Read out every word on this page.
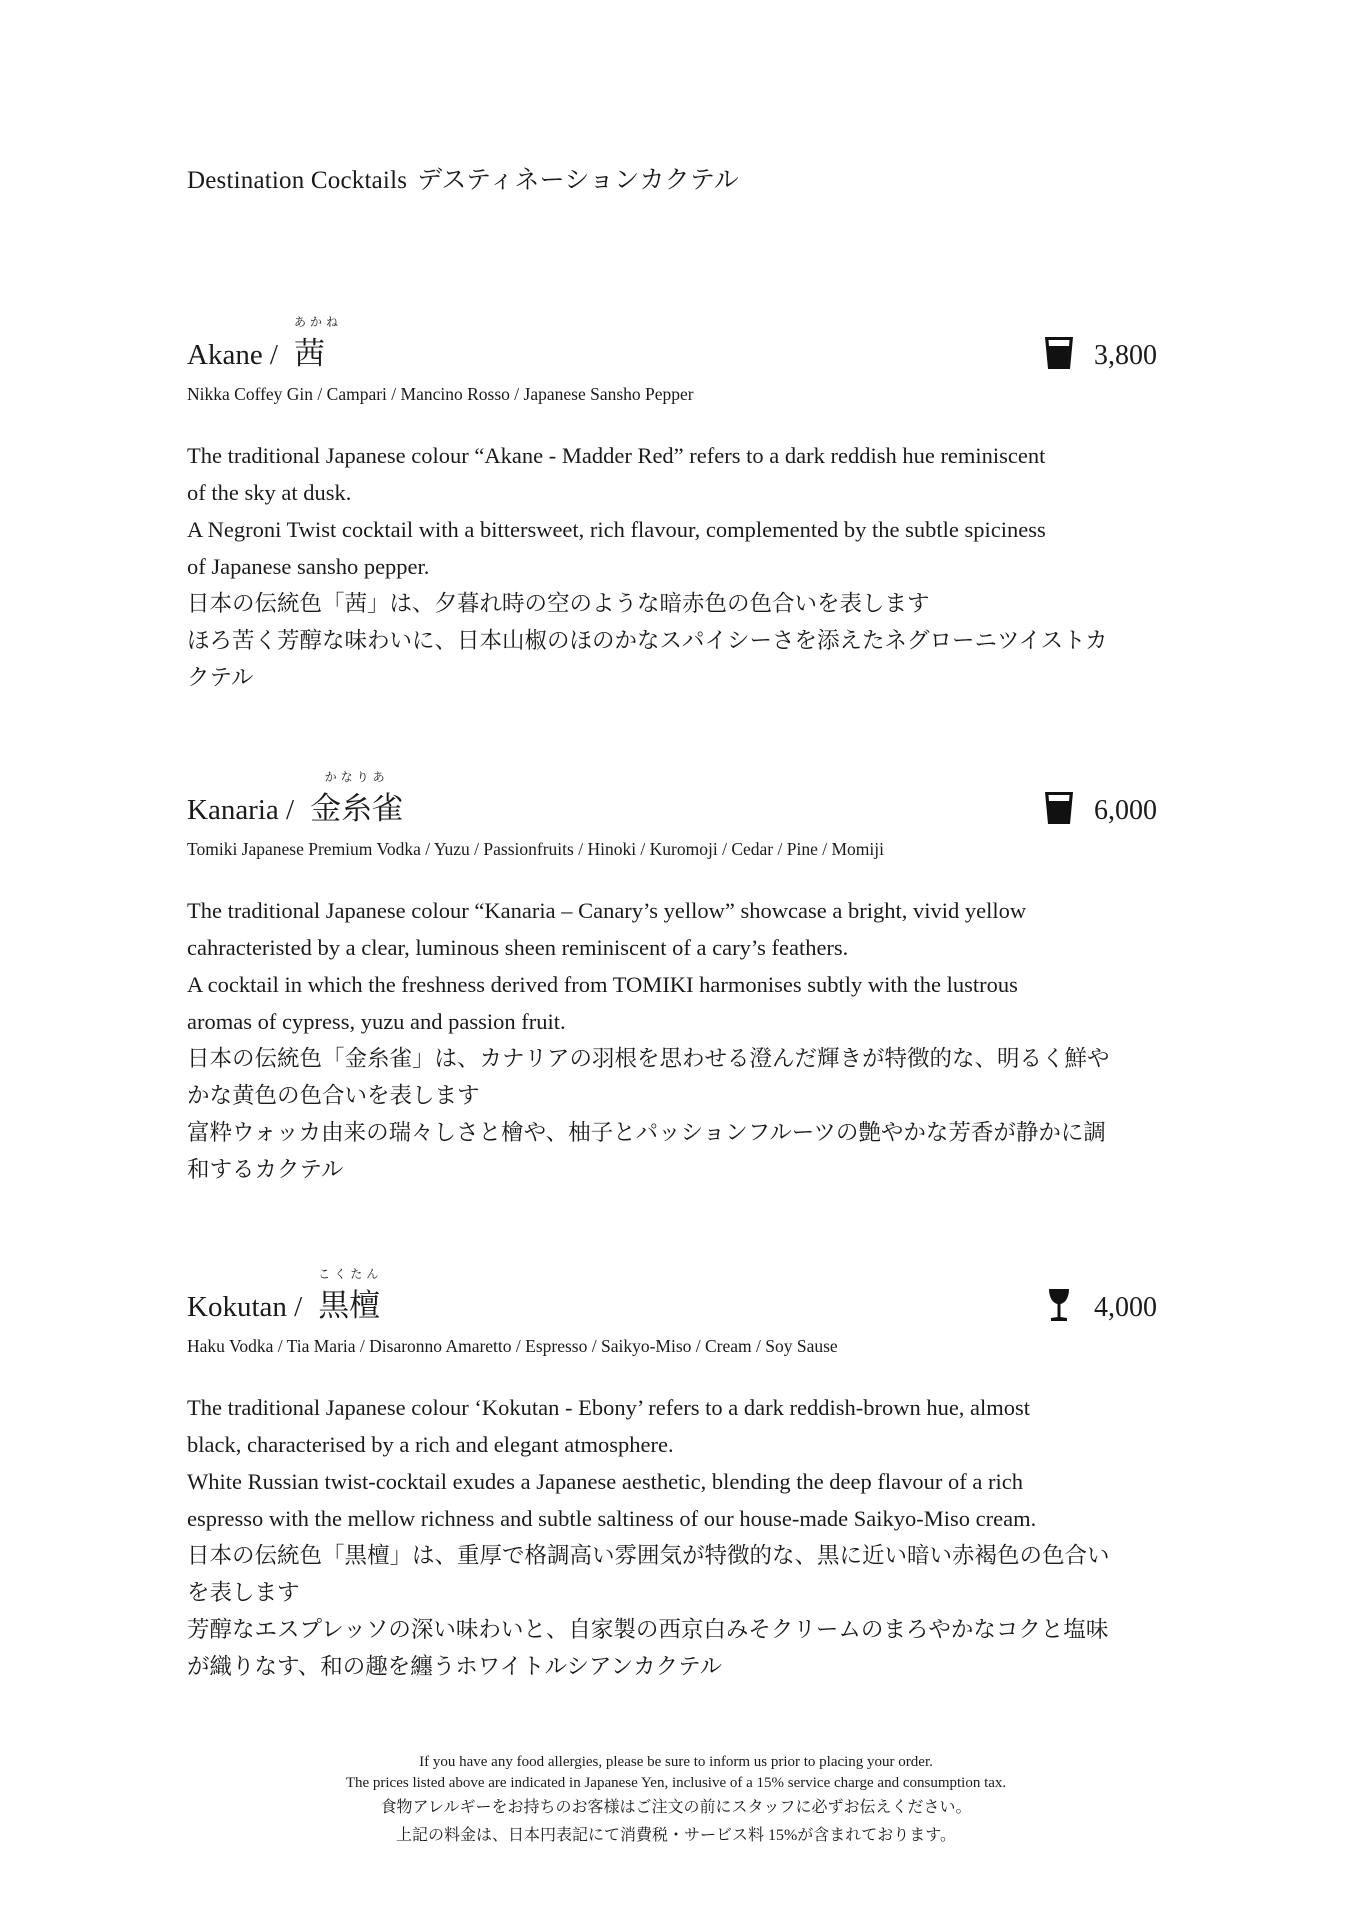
Destination Cocktails デスティネーションカクテル
Akane /
あかね
茜	3,800
Nikka Coffey Gin / Campari / Mancino Rosso / Japanese Sansho Pepper
The traditional Japanese colour “Akane - Madder Red” refers to a dark reddish hue reminiscent
of the sky at dusk.
A Negroni Twist cocktail with a bittersweet, rich flavour, complemented by the subtle spiciness
of Japanese sansho pepper.
日本の伝統色「茜」は、夕暮れ時の空のような暗赤色の色合いを表します
ほろ苦く芳醇な味わいに、日本山椒のほのかなスパイシーさを添えたネグローニツイストカ
クテル
Kanaria /
かなりあ
金糸雀	6,000
Tomiki Japanese Premium Vodka / Yuzu / Passionfruits / Hinoki / Kuromoji / Cedar / Pine / Momiji
The traditional Japanese colour “Kanaria – Canary’s yellow” showcase a bright, vivid yellow
cahracteristed by a clear, luminous sheen reminiscent of a cary’s feathers.
A cocktail in which the freshness derived from TOMIKI harmonises subtly with the lustrous
aromas of cypress, yuzu and passion fruit.
日本の伝統色「金糸雀」は、カナリアの羽根を思わせる澄んだ輝きが特徴的な、明るく鮮や
かな黄色の色合いを表します
富粋ウォッカ由来の瑞々しさと檜や、柚子とパッションフルーツの艶やかな芳香が静かに調
和するカクテル
Kokutan /
こくたん
黒檀	4,000
Haku Vodka / Tia Maria / Disaronno Amaretto / Espresso / Saikyo-Miso / Cream / Soy Sause
The traditional Japanese colour ‘Kokutan - Ebony’ refers to a dark reddish-brown hue, almost
black, characterised by a rich and elegant atmosphere.
White Russian twist-cocktail exudes a Japanese aesthetic, blending the deep flavour of a rich
espresso with the mellow richness and subtle saltiness of our house-made Saikyo-Miso cream.
日本の伝統色「黒檀」は、重厚で格調高い雰囲気が特徴的な、黒に近い暗い赤褐色の色合い
を表します
芳醇なエスプレッソの深い味わいと、自家製の西京白みそクリームのまろやかなコクと塩味
が織りなす、和の趣を纏うホワイトルシアンカクテル
If you have any food allergies, please be sure to inform us prior to placing your order.
The prices listed above are indicated in Japanese Yen, inclusive of a 15% service charge and consumption tax.
食物アレルギーをお持ちのお客様はご注文の前にスタッフに必ずお伝えください。
上記の料金は、日本円表記にて消費税・サービス料 15%が含まれております。
